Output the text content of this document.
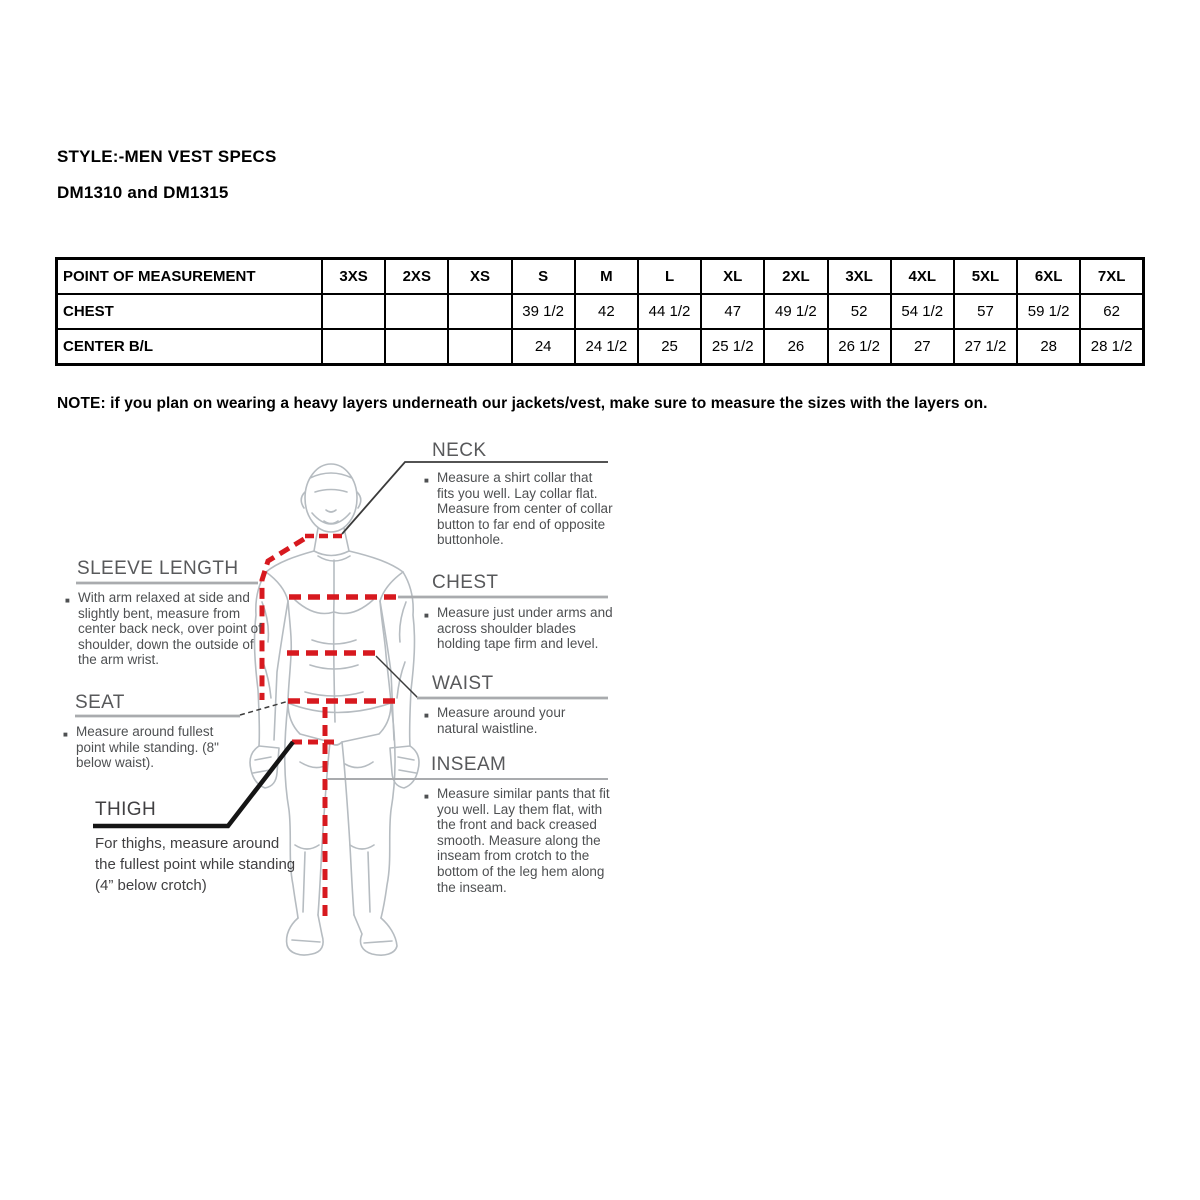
STYLE:-MEN VEST SPECS
DM1310 and DM1315
POINT OF MEASUREMENT	3XS	2XS	XS	S	M	L	XL	2XL	3XL	4XL	5XL	6XL	7XL
CHEST				39 1/2	42	44 1/2	47	49 1/2	52	54 1/2	57	59 1/2	62
CENTER B/L				24	24 1/2	25	25 1/2	26	26 1/2	27	27 1/2	28	28 1/2
NOTE: if you plan on wearing a heavy layers underneath our jackets/vest, make sure to measure the sizes with the layers on.
NECK
■ Measure a shirt collar that fits you well. Lay collar flat. Measure from center of collar button to far end of opposite buttonhole.
SLEEVE LENGTH
■ With arm relaxed at side and slightly bent, measure from center back neck, over point of shoulder, down the outside of the arm wrist.
CHEST
■ Measure just under arms and across shoulder blades holding tape firm and level.
WAIST
■ Measure around your natural waistline.
SEAT
■ Measure around fullest point while standing. (8" below waist).	INSEAM
■ Measure similar pants that fit you well. Lay them flat, with the front and back creased smooth. Measure along the inseam from crotch to the bottom of the leg hem along the inseam.
THIGH
For thighs, measure around the fullest point while standing (4” below crotch)
